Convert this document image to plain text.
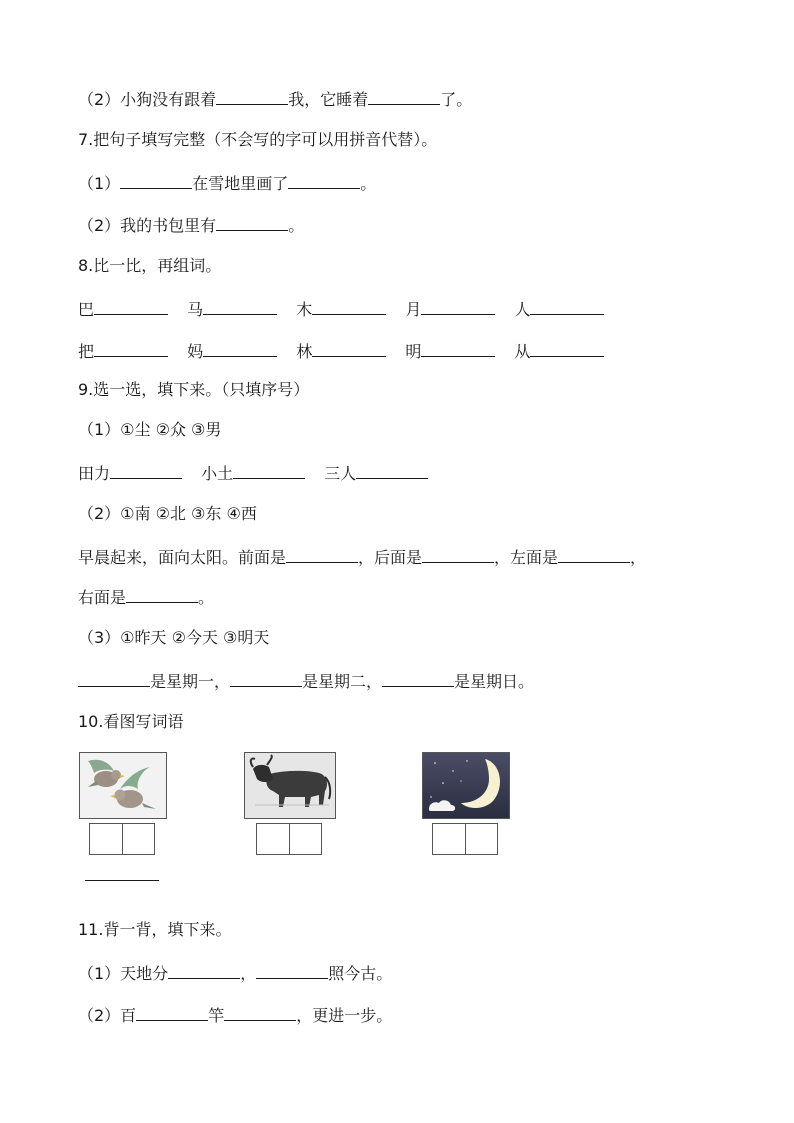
（2）小狗没有跟着	我，它睡着	了。
7.把句子填写完整（不会写的字可以用拼音代替）。
（1）	在雪地里画了	。
（2）我的书包里有	。
8.比一比，再组词。
巴	马	木	月	人
把	妈	林	明	从
9.选一选，填下来。（只填序号）
（1）①尘 ②众 ③男
田力	小土	三人
（2）①南 ②北 ③东 ④西
早晨起来，面向太阳。前面是	，后面是	，左面是	，
右面是	。
（3）①昨天 ②今天 ③明天
是星期一，	是星期二，	是星期日。
10.看图写词语
11.背一背，填下来。
（1）天地分	，	照今古。
（2）百	竿	，更进一步。
